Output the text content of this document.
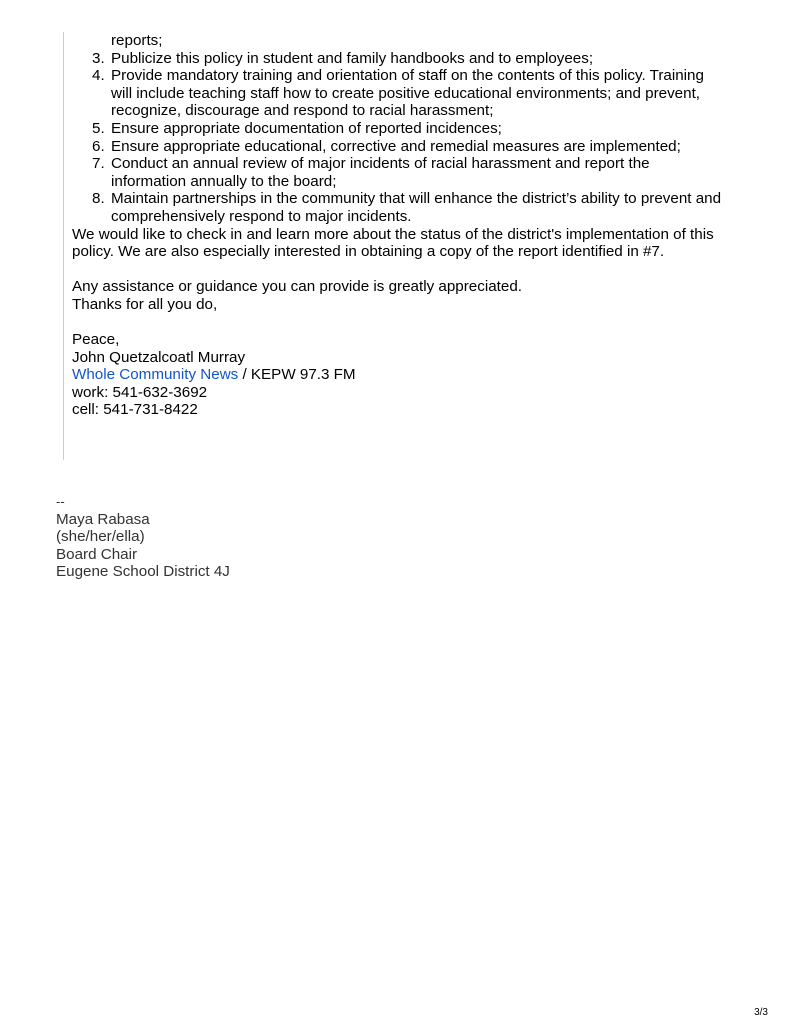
reports;
3. Publicize this policy in student and family handbooks and to employees;
4. Provide mandatory training and orientation of staff on the contents of this policy. Training
will include teaching staff how to create positive educational environments; and prevent,
recognize, discourage and respond to racial harassment;
5. Ensure appropriate documentation of reported incidences;
6. Ensure appropriate educational, corrective and remedial measures are implemented;
7. Conduct an annual review of major incidents of racial harassment and report the
information annually to the board;
8. Maintain partnerships in the community that will enhance the district’s ability to prevent and
comprehensively respond to major incidents.
We would like to check in and learn more about the status of the district's implementation of this
policy. We are also especially interested in obtaining a copy of the report identified in #7.
Any assistance or guidance you can provide is greatly appreciated.
Thanks for all you do,
Peace,
John Quetzalcoatl Murray
Whole Community News / KEPW 97.3 FM
work: 541-632-3692
cell: 541-731-8422
--
Maya Rabasa
(she/her/ella)
Board Chair
Eugene School District 4J
3/3
